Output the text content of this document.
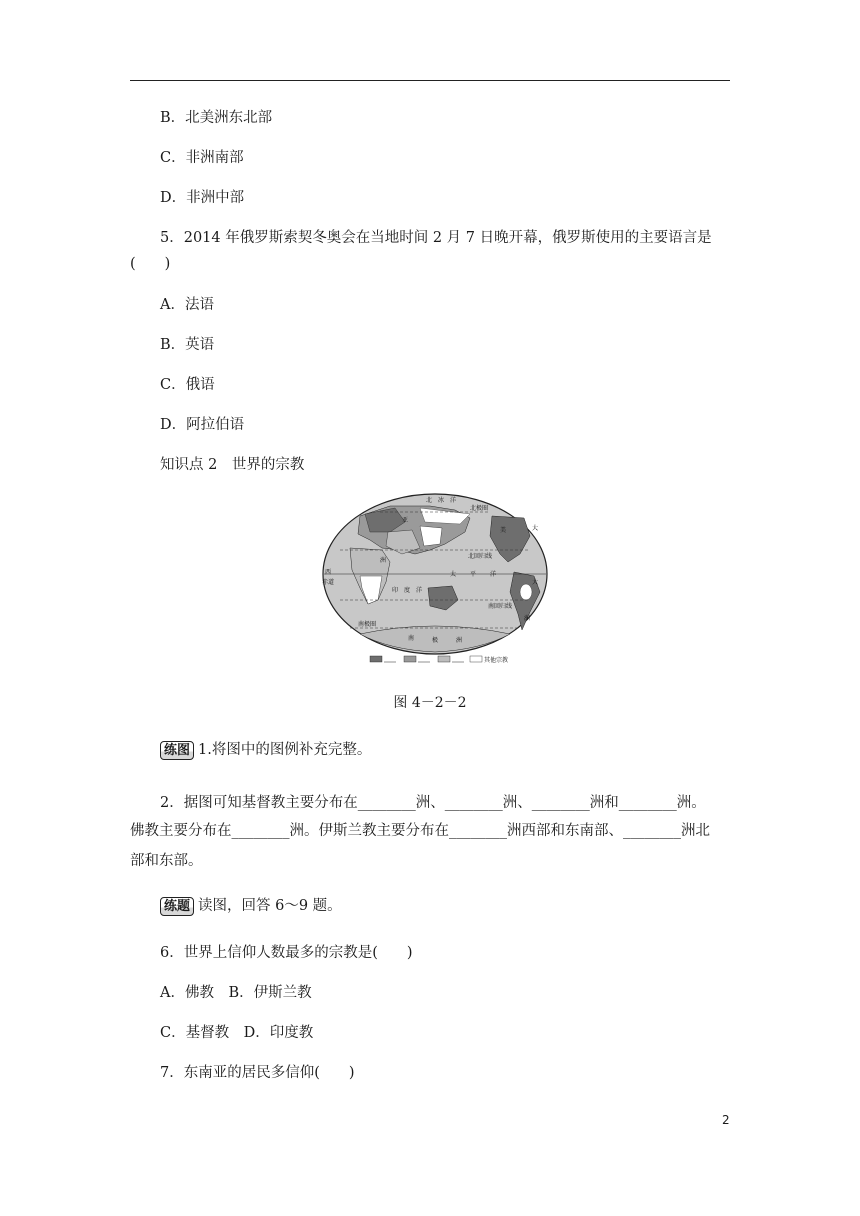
B．北美洲东北部
C．非洲南部
D．非洲中部
5．2014 年俄罗斯索契冬奥会在当地时间 2 月 7 日晚开幕，俄罗斯使用的主要语言是
(　　)
A．法语
B．英语
C．俄语
D．阿拉伯语
知识点 2　世界的宗教
北 冰 洋
北极圈
大
北回归线
赤道
太 平 洋
大
印 度 洋
南回归线
南极圈
南	极	洲
西
亚
洲
美
洲
其他宗教
图 4－2－2
练图 1.将图中的图例补充完整。
2．据图可知基督教主要分布在________洲、________洲、________洲和________洲。
佛教主要分布在________洲。伊斯兰教主要分布在________洲西部和东南部、________洲北
部和东部。
练题 读图，回答 6～9 题。
6．世界上信仰人数最多的宗教是(　　)
A．佛教　B．伊斯兰教
C．基督教　D．印度教
7．东南亚的居民多信仰(　　)
2
